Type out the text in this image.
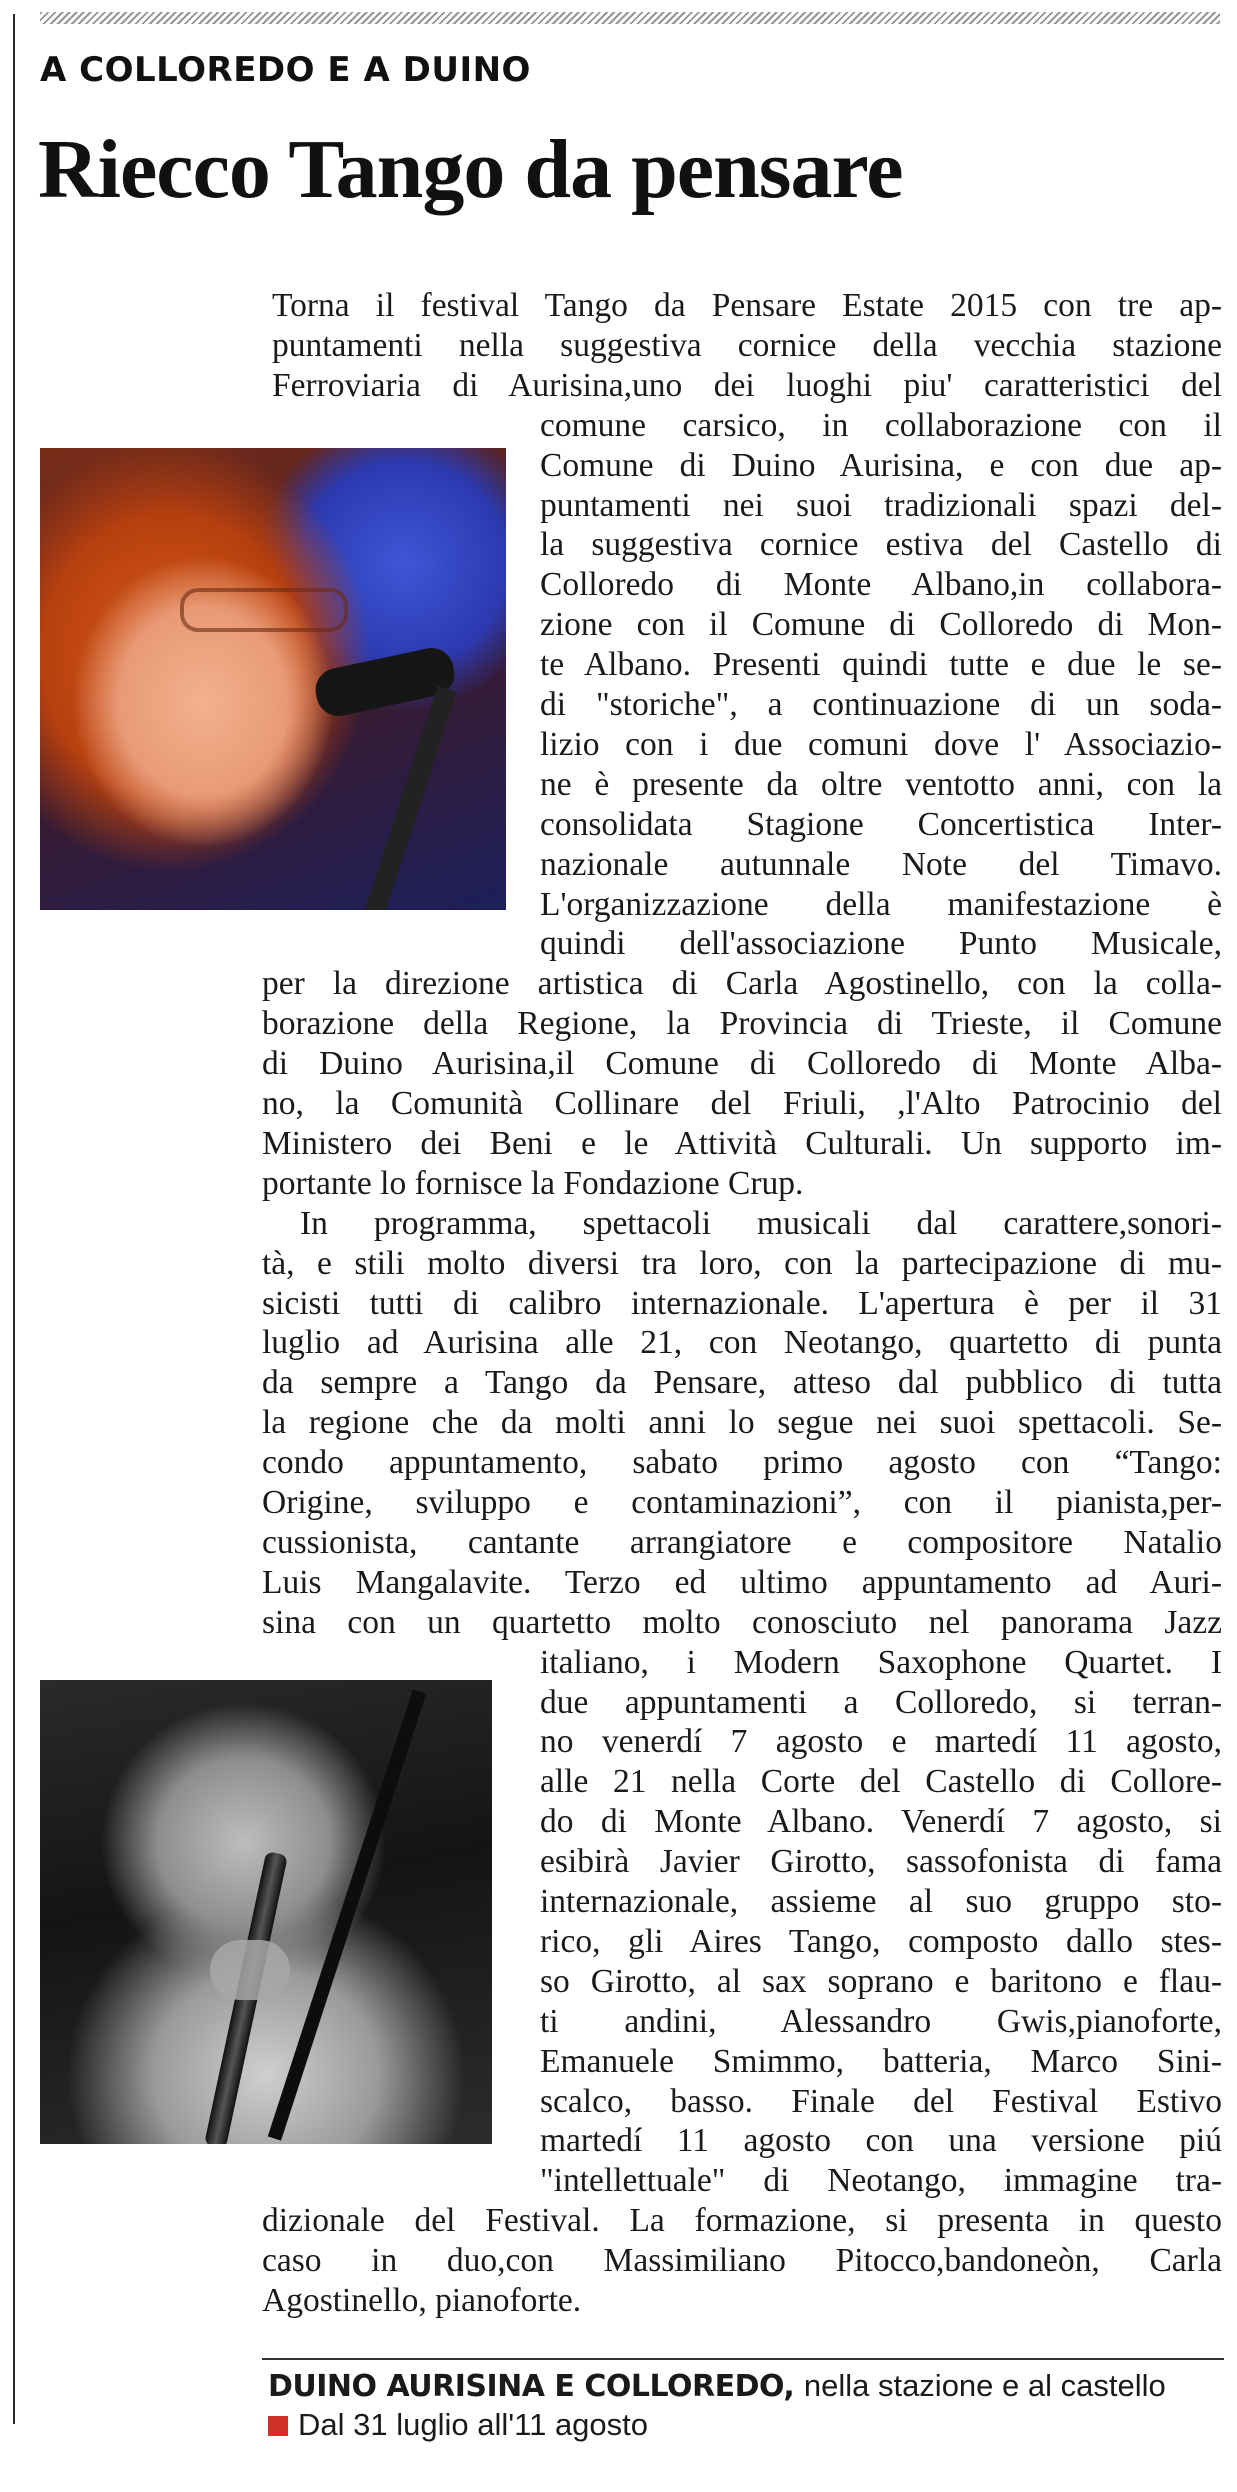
A COLLOREDO E A DUINO
Riecco Tango da pensare
Torna il festival Tango da Pensare Estate 2015 con tre ap-
puntamenti nella suggestiva cornice della vecchia stazione
Ferroviaria di Aurisina,uno dei luoghi piu' caratteristici del
comune carsico, in collaborazione con il
Comune di Duino Aurisina, e con due ap-
puntamenti nei suoi tradizionali spazi del-
la suggestiva cornice estiva del Castello di
Colloredo di Monte Albano,in collabora-
zione con il Comune di Colloredo di Mon-
te Albano. Presenti quindi tutte e due le se-
di "storiche", a continuazione di un soda-
lizio con i due comuni dove l' Associazio-
ne è presente da oltre ventotto anni, con la
consolidata Stagione Concertistica Inter-
nazionale autunnale Note del Timavo.
L'organizzazione della manifestazione è
quindi dell'associazione Punto Musicale,
per la direzione artistica di Carla Agostinello, con la colla-
borazione della Regione, la Provincia di Trieste, il Comune
di Duino Aurisina,il Comune di Colloredo di Monte Alba-
no, la Comunità Collinare del Friuli, ,l'Alto Patrocinio del
Ministero dei Beni e le Attività Culturali. Un supporto im-
portante lo fornisce la Fondazione Crup.
In programma, spettacoli musicali dal carattere,sonori-
tà, e stili molto diversi tra loro, con la partecipazione di mu-
sicisti tutti di calibro internazionale. L'apertura è per il 31
luglio ad Aurisina alle 21, con Neotango, quartetto di punta
da sempre a Tango da Pensare, atteso dal pubblico di tutta
la regione che da molti anni lo segue nei suoi spettacoli. Se-
condo appuntamento, sabato primo agosto con “Tango:
Origine, sviluppo e contaminazioni”, con il pianista,per-
cussionista, cantante arrangiatore e compositore Natalio
Luis Mangalavite. Terzo ed ultimo appuntamento ad Auri-
sina con un quartetto molto conosciuto nel panorama Jazz
italiano, i Modern Saxophone Quartet. I
due appuntamenti a Colloredo, si terran-
no venerdí 7 agosto e martedí 11 agosto,
alle 21 nella Corte del Castello di Collore-
do di Monte Albano. Venerdí 7 agosto, si
esibirà Javier Girotto, sassofonista di fama
internazionale, assieme al suo gruppo sto-
rico, gli Aires Tango, composto dallo stes-
so Girotto, al sax soprano e baritono e flau-
ti andini, Alessandro Gwis,pianoforte,
Emanuele Smimmo, batteria, Marco Sini-
scalco, basso. Finale del Festival Estivo
martedí 11 agosto con una versione piú
"intellettuale" di Neotango, immagine tra-
dizionale del Festival. La formazione, si presenta in questo
caso in duo,con Massimiliano Pitocco,bandoneòn, Carla
Agostinello, pianoforte.
DUINO AURISINA E COLLOREDO, nella stazione e al castello
Dal 31 luglio all'11 agosto
